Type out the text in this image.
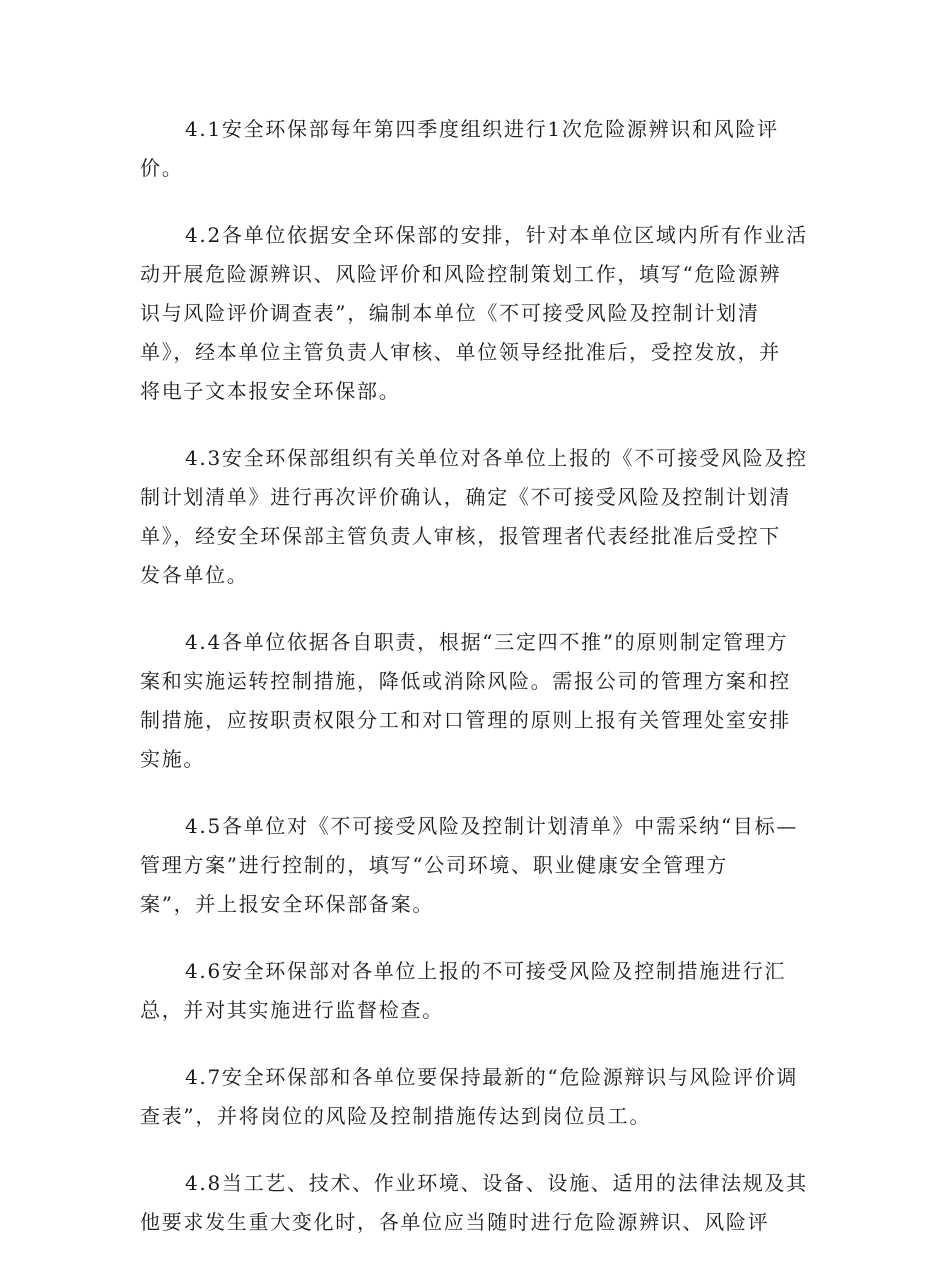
4.1安全环保部每年第四季度组织进行1次危险源辨识和风险评
价。
4.2各单位依据安全环保部的安排，针对本单位区域内所有作业活
动开展危险源辨识、风险评价和风险控制策划工作，填写“危险源辨
识与风险评价调查表”，编制本单位《不可接受风险及控制计划清
单》，经本单位主管负责人审核、单位领导经批准后，受控发放，并
将电子文本报安全环保部。
4.3安全环保部组织有关单位对各单位上报的《不可接受风险及控
制计划清单》进行再次评价确认，确定《不可接受风险及控制计划清
单》，经安全环保部主管负责人审核，报管理者代表经批准后受控下
发各单位。
4.4各单位依据各自职责，根据“三定四不推”的原则制定管理方
案和实施运转控制措施，降低或消除风险。需报公司的管理方案和控
制措施，应按职责权限分工和对口管理的原则上报有关管理处室安排
实施。
4.5各单位对《不可接受风险及控制计划清单》中需采纳“目标—
管理方案”进行控制的，填写“公司环境、职业健康安全管理方
案”，并上报安全环保部备案。
4.6安全环保部对各单位上报的不可接受风险及控制措施进行汇
总，并对其实施进行监督检查。
4.7安全环保部和各单位要保持最新的“危险源辩识与风险评价调
查表”，并将岗位的风险及控制措施传达到岗位员工。
4.8当工艺、技术、作业环境、设备、设施、适用的法律法规及其
他要求发生重大变化时，各单位应当随时进行危险源辨识、风险评
